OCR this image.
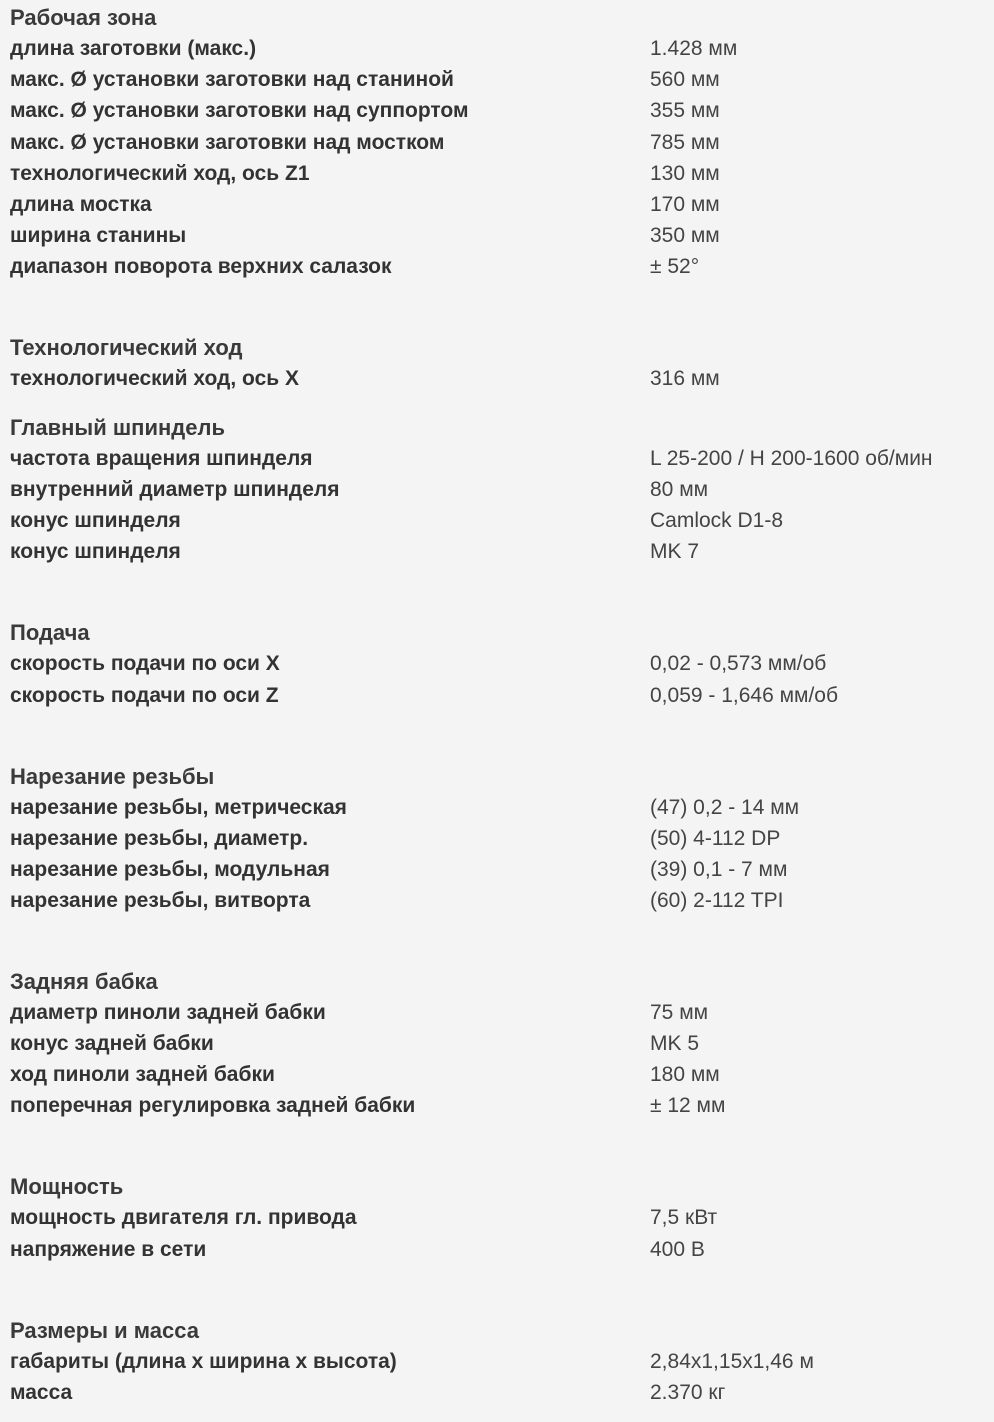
Рабочая зона
длина заготовки (макс.)	1.428 мм
макс. Ø установки заготовки над станиной	560 мм
макс. Ø установки заготовки над суппортом	355 мм
макс. Ø установки заготовки над мостком	785 мм
технологический ход, ось Z1	130 мм
длина мостка	170 мм
ширина станины	350 мм
диапазон поворота верхних салазок	± 52°
Технологический ход
технологический ход, ось X	316 мм
Главный шпиндель
частота вращения шпинделя	L 25-200 / H 200-1600 об/мин
внутренний диаметр шпинделя	80 мм
конус шпинделя	Camlock D1-8
конус шпинделя	MK 7
Подача
скорость подачи по оси X	0,02 - 0,573 мм/об
скорость подачи по оси Z	0,059 - 1,646 мм/об
Нарезание резьбы
нарезание резьбы, метрическая	(47) 0,2 - 14 мм
нарезание резьбы, диаметр.	(50) 4-112 DP
нарезание резьбы, модульная	(39) 0,1 - 7 мм
нарезание резьбы, витворта	(60) 2-112 TPI
Задняя бабка
диаметр пиноли задней бабки	75 мм
конус задней бабки	MK 5
ход пиноли задней бабки	180 мм
поперечная регулировка задней бабки	± 12 мм
Мощность
мощность двигателя гл. привода	7,5 кВт
напряжение в сети	400 В
Размеры и масса
габариты (длина x ширина x высота)	2,84x1,15x1,46 м
масса	2.370 кг
